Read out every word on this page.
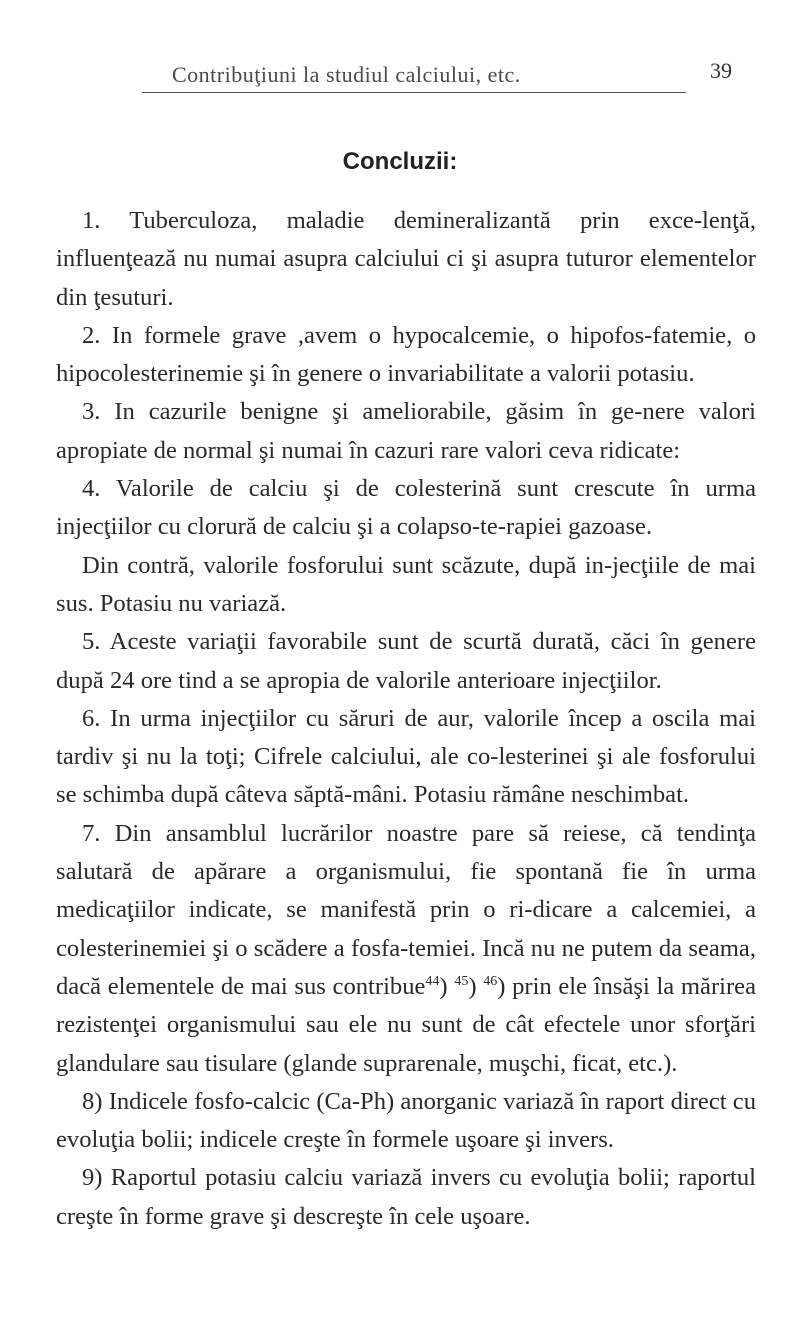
Contribuţiuni la studiul calciului, etc.	39
Concluzii:

1. Tuberculoza, maladie demineralizantă prin exce-lenţă, influenţează nu numai asupra calciului ci şi asupra tuturor elementelor din ţesuturi.

2. In formele grave ,avem o hypocalcemie, o hipofos-fatemie, o hipocolesterinemie şi în genere o invariabilitate a valorii potasiu.

3. In cazurile benigne şi ameliorabile, găsim în ge-nere valori apropiate de normal şi numai în cazuri rare valori ceva ridicate:

4. Valorile de calciu şi de colesterină sunt crescute în urma injecţiilor cu clorură de calciu şi a colapso-te-rapiei gazoase.

Din contră, valorile fosforului sunt scăzute, după in-jecţiile de mai sus. Potasiu nu variază.

5. Aceste variaţii favorabile sunt de scurtă durată, căci în genere după 24 ore tind a se apropia de valorile anterioare injecţiilor.

6. In urma injecţiilor cu săruri de aur, valorile încep a oscila mai tardiv şi nu la toţi; Cifrele calciului, ale co-lesterinei şi ale fosforului se schimba după câteva săptă-mâni. Potasiu rămâne neschimbat.

7. Din ansamblul lucrărilor noastre pare să reiese, că tendinţa salutară de apărare a organismului, fie spontană fie în urma medicaţiilor indicate, se manifestă prin o ri-dicare a calcemiei, a colesterinemiei şi o scădere a fosfa-temiei. Incă nu ne putem da seama, dacă elementele de mai sus contribue$^{44}$) $^{45}$) $^{46}$) prin ele însăşi la mărirea rezistenţei organismului sau ele nu sunt de cât efectele unor sforţări glandulare sau tisulare (glande suprarenale, muşchi, ficat, etc.).

8) Indicele fosfo-calcic (Ca-Ph) anorganic variază în raport direct cu evoluţia bolii; indicele creşte în formele uşoare şi invers.

9) Raportul potasiu calciu variază invers cu evoluţia bolii; raportul creşte în forme grave şi descreşte în cele uşoare.
